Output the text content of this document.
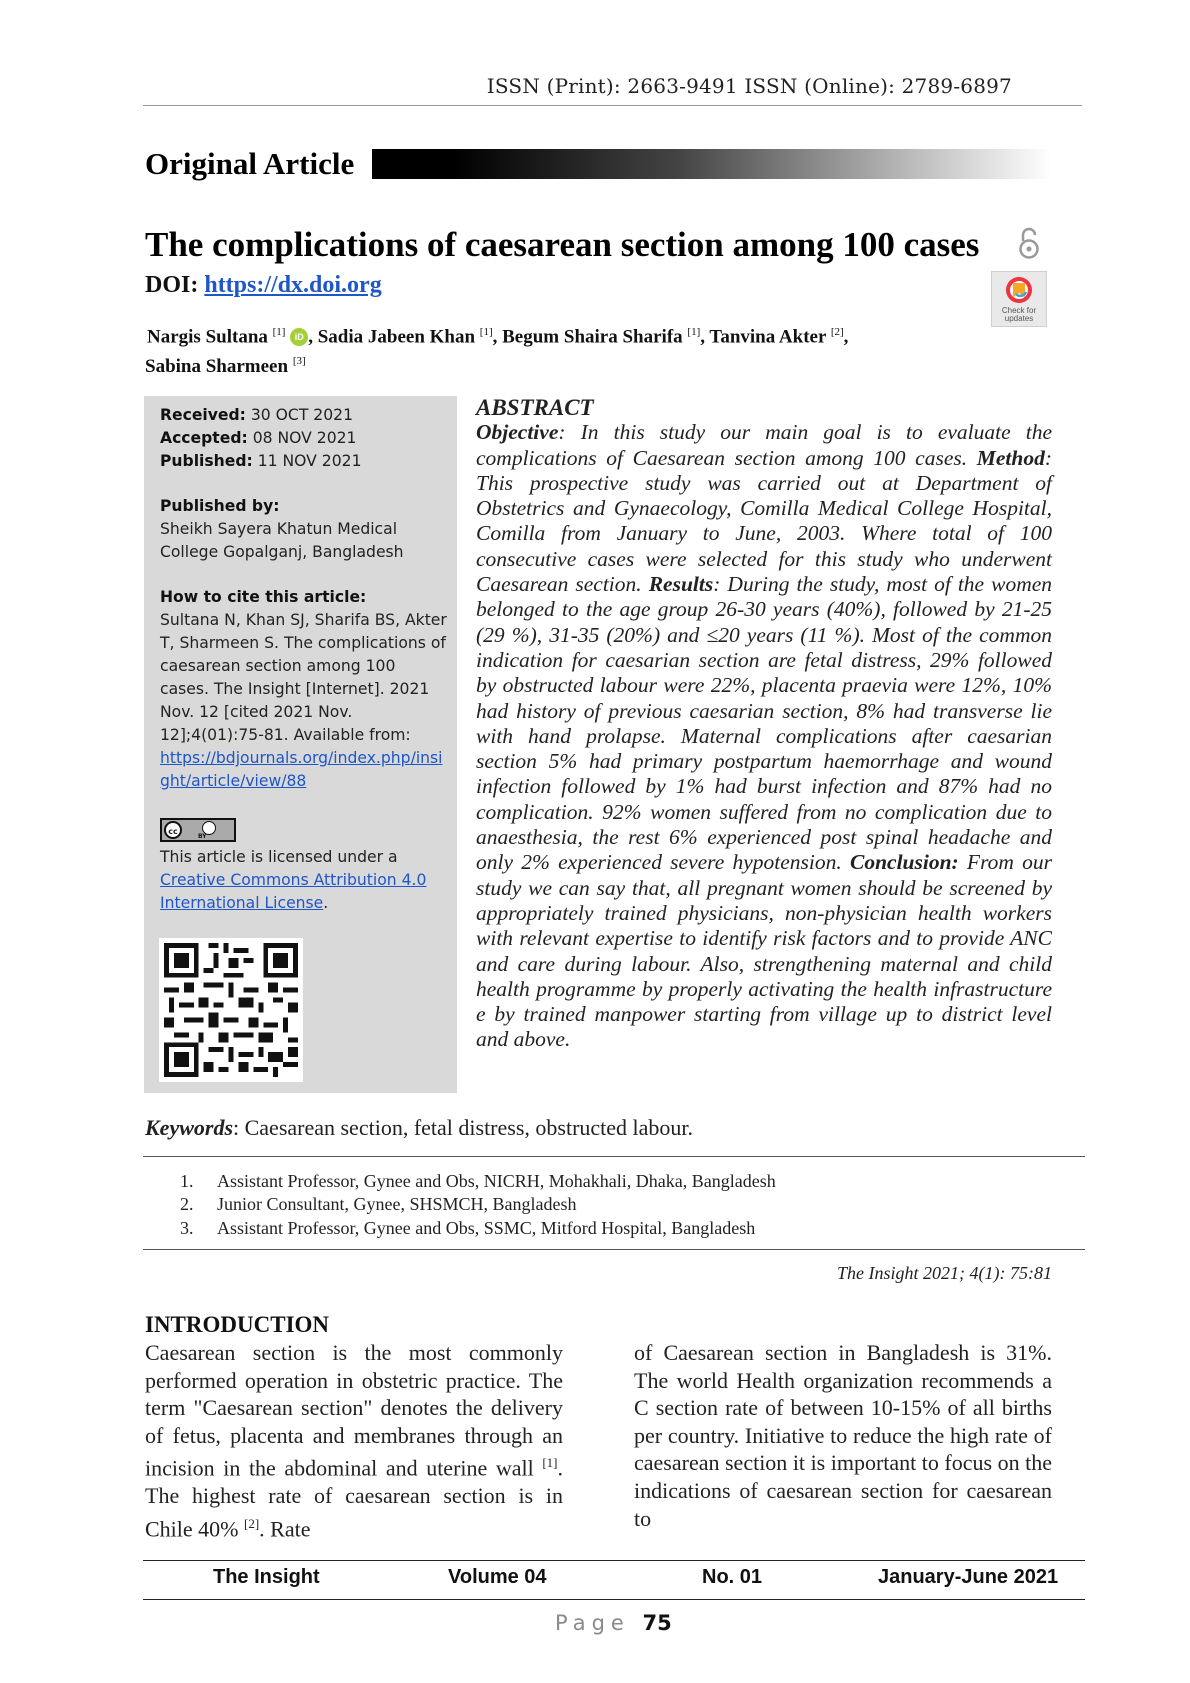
ISSN (Print): 2663-9491 ISSN (Online): 2789-6897
Original Article
The complications of caesarean section among 100 cases
DOI: https://dx.doi.org
Check for updates
Nargis Sultana [1] iD , Sadia Jabeen Khan [1], Begum Shaira Sharifa [1], Tanvina Akter [2],
Sabina Sharmeen [3]
Received: 30 OCT 2021
Accepted: 08 NOV 2021
Published: 11 NOV 2021
Published by:
Sheikh Sayera Khatun Medical College Gopalganj, Bangladesh
How to cite this article:
Sultana N, Khan SJ, Sharifa BS, Akter T, Sharmeen S. The complications of caesarean section among 100 cases. The Insight [Internet]. 2021 Nov. 12 [cited 2021 Nov. 12];4(01):75-81. Available from:
https://bdjournals.org/index.php/insight/article/view/88
cc
BY
This article is licensed under a
Creative Commons Attribution 4.0 International License.
ABSTRACT
Objective: In this study our main goal is to evaluate the complications of Caesarean section among 100 cases. Method: This prospective study was carried out at Department of Obstetrics and Gynaecology, Comilla Medical College Hospital, Comilla from January to June, 2003. Where total of 100 consecutive cases were selected for this study who underwent Caesarean section. Results: During the study, most of the women belonged to the age group 26-30 years (40%), followed by 21-25 (29 %), 31-35 (20%) and ≤20 years (11 %). Most of the common indication for caesarian section are fetal distress, 29% followed by obstructed labour were 22%, placenta praevia were 12%, 10% had history of previous caesarian section, 8% had transverse lie with hand prolapse. Maternal complications after caesarian section 5% had primary postpartum haemorrhage and wound infection followed by 1% had burst infection and 87% had no complication. 92% women suffered from no complication due to anaesthesia, the rest 6% experienced post spinal headache and only 2% experienced severe hypotension. Conclusion: From our study we can say that, all pregnant women should be screened by appropriately trained physicians, non-physician health workers with relevant expertise to identify risk factors and to provide ANC and care during labour. Also, strengthening maternal and child health programme by properly activating the health infrastructure e by trained manpower starting from village up to district level and above.
Keywords: Caesarean section, fetal distress, obstructed labour.
1. Assistant Professor, Gynee and Obs, NICRH, Mohakhali, Dhaka, Bangladesh
2. Junior Consultant, Gynee, SHSMCH, Bangladesh
3. Assistant Professor, Gynee and Obs, SSMC, Mitford Hospital, Bangladesh
The Insight 2021; 4(1): 75:81
INTRODUCTION
Caesarean section is the most commonly performed operation in obstetric practice. The term "Caesarean section" denotes the delivery of fetus, placenta and membranes through an incision in the abdominal and uterine wall [1]. The highest rate of caesarean section is in Chile 40% [2]. Rate
of Caesarean section in Bangladesh is 31%. The world Health organization recommends a C section rate of between 10-15% of all births per country. Initiative to reduce the high rate of caesarean section it is important to focus on the indications of caesarean section for caesarean to
The Insight	Volume 04	No. 01	January-June 2021
Page 75
